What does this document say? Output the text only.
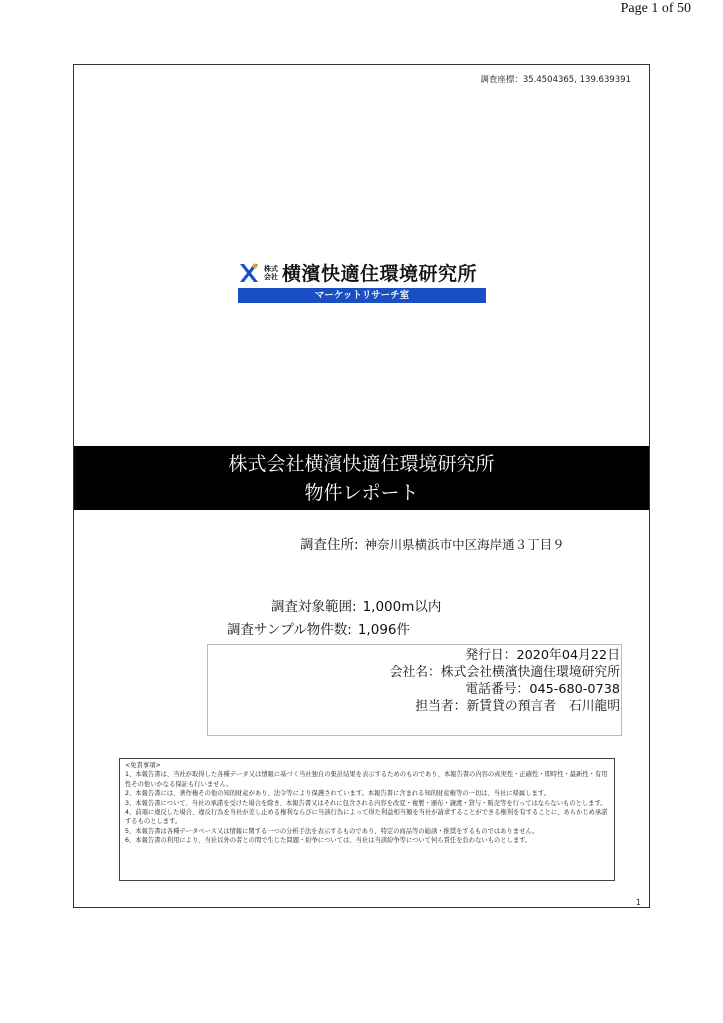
Page 1 of 50
調査座標：35.4504365, 139.639391
株式
会社 横濱快適住環境研究所
マーケットリサーチ室
株式会社横濱快適住環境研究所
物件レポート
調査住所: 神奈川県横浜市中区海岸通３丁目９
調査対象範囲: 1,000m以内
調査サンプル物件数: 1,096件
発行日：2020年04月22日
会社名：株式会社横濱快適住環境研究所
電話番号：045-680-0738
担当者：新賃貸の預言者　石川龍明
<免責事項>
1、本報告書は、当社が取得した各種データ又は情報に基づく当社独自の集計結果を表示するためのものであり、本報告書の内容の真実性・正確性・即時性・最新性・有用性その他いかなる保証も行いません。
2、本報告書には、著作権その他の知的財産があり、法令等により保護されています。本報告書に含まれる知的財産権等の一切は、当社に帰属します。
3、本報告書について、当社の承諾を受けた場合を除き、本報告書又はそれに包含される内容を改変・複製・頒布・譲渡・貸与・販売等を行ってはならないものとします。
4、前項に違反した場合、違反行為を当社が差し止める権利ならびに当該行為によって得た利益相当額を当社が請求することができる権利を有することに、あらかじめ承諾するものとします。
5、本報告書は各種データベース又は情報に関する一つの分析手法を表示するものであり、特定の商品等の勧誘・推奨をするものではありません。
6、本報告書の利用により、当社以外の者との間で生じた問題・紛争については、当社は当該紛争等について何ら責任を負わないものとします。
1
